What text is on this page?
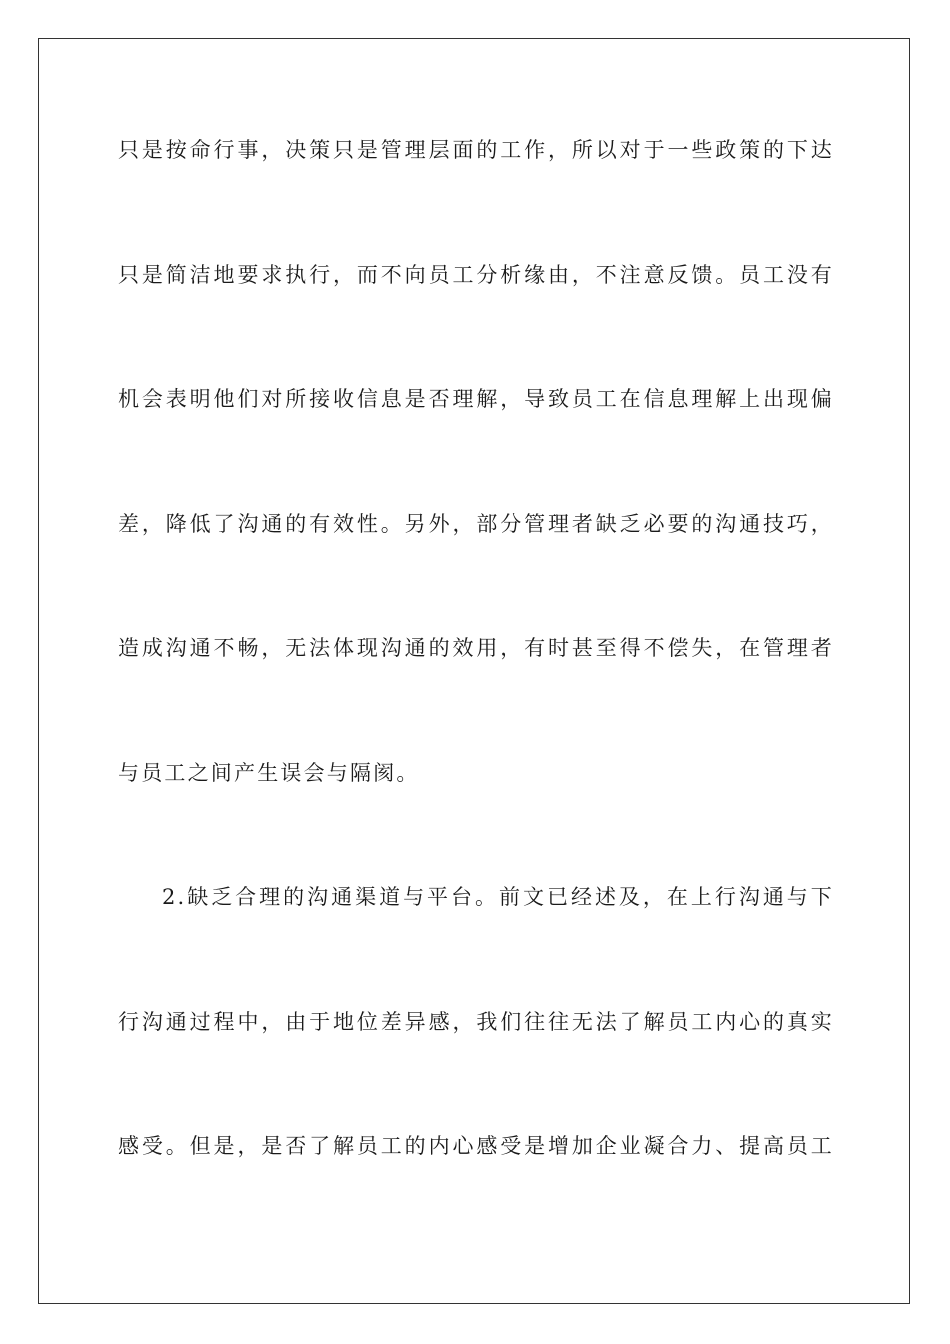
只是按命行事，决策只是管理层面的工作，所以对于一些政策的下达
只是简洁地要求执行，而不向员工分析缘由，不注意反馈。员工没有
机会表明他们对所接收信息是否理解，导致员工在信息理解上出现偏
差，降低了沟通的有效性。另外，部分管理者缺乏必要的沟通技巧，
造成沟通不畅，无法体现沟通的效用，有时甚至得不偿失，在管理者
与员工之间产生误会与隔阂。
2.缺乏合理的沟通渠道与平台。前文已经述及，在上行沟通与下
行沟通过程中，由于地位差异感，我们往往无法了解员工内心的真实
感受。但是，是否了解员工的内心感受是增加企业凝合力、提高员工
